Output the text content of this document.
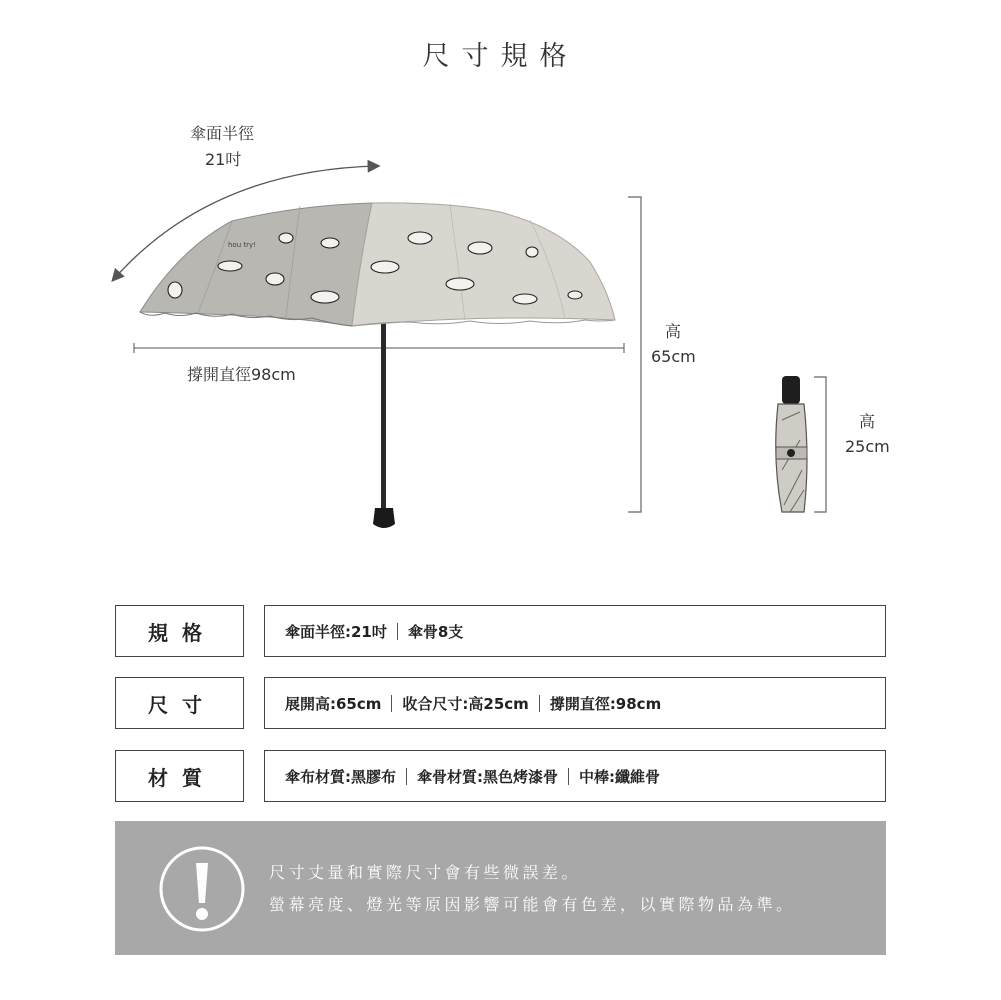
尺寸規格
hou try!
傘面半徑
21吋
撐開直徑98cm
高
65cm
高
25cm
規格	傘面半徑:21吋 傘骨8支
尺寸	展開高:65cm 收合尺寸:高25cm 撐開直徑:98cm
材質	傘布材質:黑膠布 傘骨材質:黑色烤漆骨 中棒:纖維骨
尺寸丈量和實際尺寸會有些微誤差。
螢幕亮度、燈光等原因影響可能會有色差，以實際物品為準。
